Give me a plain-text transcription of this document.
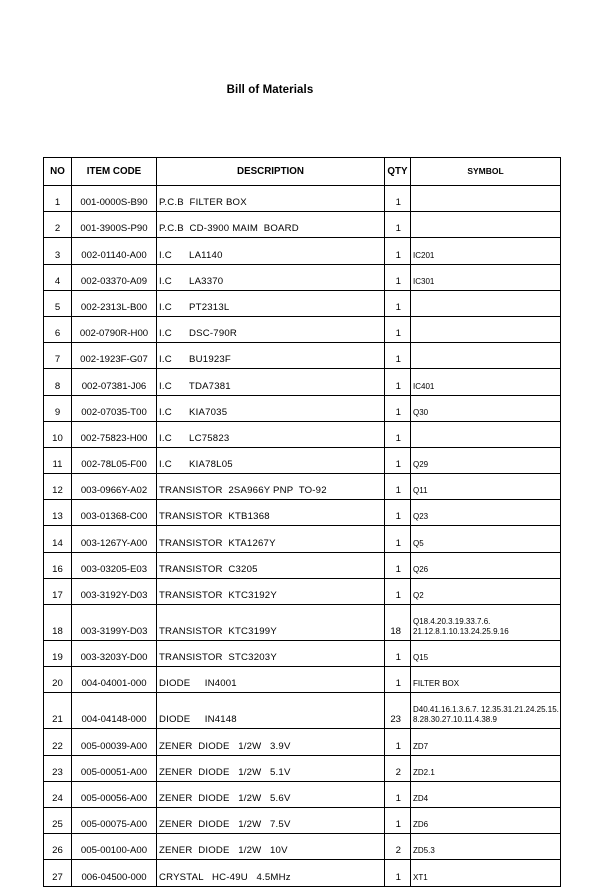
Bill of Materials
NO	ITEM CODE	DESCRIPTION	QTY	SYMBOL
1	001-0000S-B90	P.C.B  FILTER BOX	1	
2	001-3900S-P90	P.C.B  CD-3900 MAIM  BOARD	1	
3	002-01140-A00	I.C      LA1140	1	IC201
4	002-03370-A09	I.C      LA3370	1	IC301
5	002-2313L-B00	I.C      PT2313L	1	
6	002-0790R-H00	I.C      DSC-790R	1	
7	002-1923F-G07	I.C      BU1923F	1	
8	002-07381-J06	I.C      TDA7381	1	IC401
9	002-07035-T00	I.C      KIA7035	1	Q30
10	002-75823-H00	I.C      LC75823	1	
11	002-78L05-F00	I.C      KIA78L05	1	Q29
12	003-0966Y-A02	TRANSISTOR  2SA966Y PNP  TO-92	1	Q11
13	003-01368-C00	TRANSISTOR  KTB1368	1	Q23
14	003-1267Y-A00	TRANSISTOR  KTA1267Y	1	Q5
16	003-03205-E03	TRANSISTOR  C3205	1	Q26
17	003-3192Y-D03	TRANSISTOR  KTC3192Y	1	Q2
18	003-3199Y-D03	TRANSISTOR  KTC3199Y	18	Q18.4.20.3.19.33.7.6. 21.12.8.1.10.13.24.25.9.16
19	003-3203Y-D00	TRANSISTOR  STC3203Y	1	Q15
20	004-04001-000	DIODE     IN4001	1	FILTER BOX
21	004-04148-000	DIODE     IN4148	23	D40.41.16.1.3.6.7. 12.35.31.21.24.25.15. 8.28.30.27.10.11.4.38.9
22	005-00039-A00	ZENER  DIODE   1/2W   3.9V	1	ZD7
23	005-00051-A00	ZENER  DIODE   1/2W   5.1V	2	ZD2.1
24	005-00056-A00	ZENER  DIODE   1/2W   5.6V	1	ZD4
25	005-00075-A00	ZENER  DIODE   1/2W   7.5V	1	ZD6
26	005-00100-A00	ZENER  DIODE   1/2W   10V	2	ZD5.3
27	006-04500-000	CRYSTAL   HC-49U   4.5MHz	1	XT1
